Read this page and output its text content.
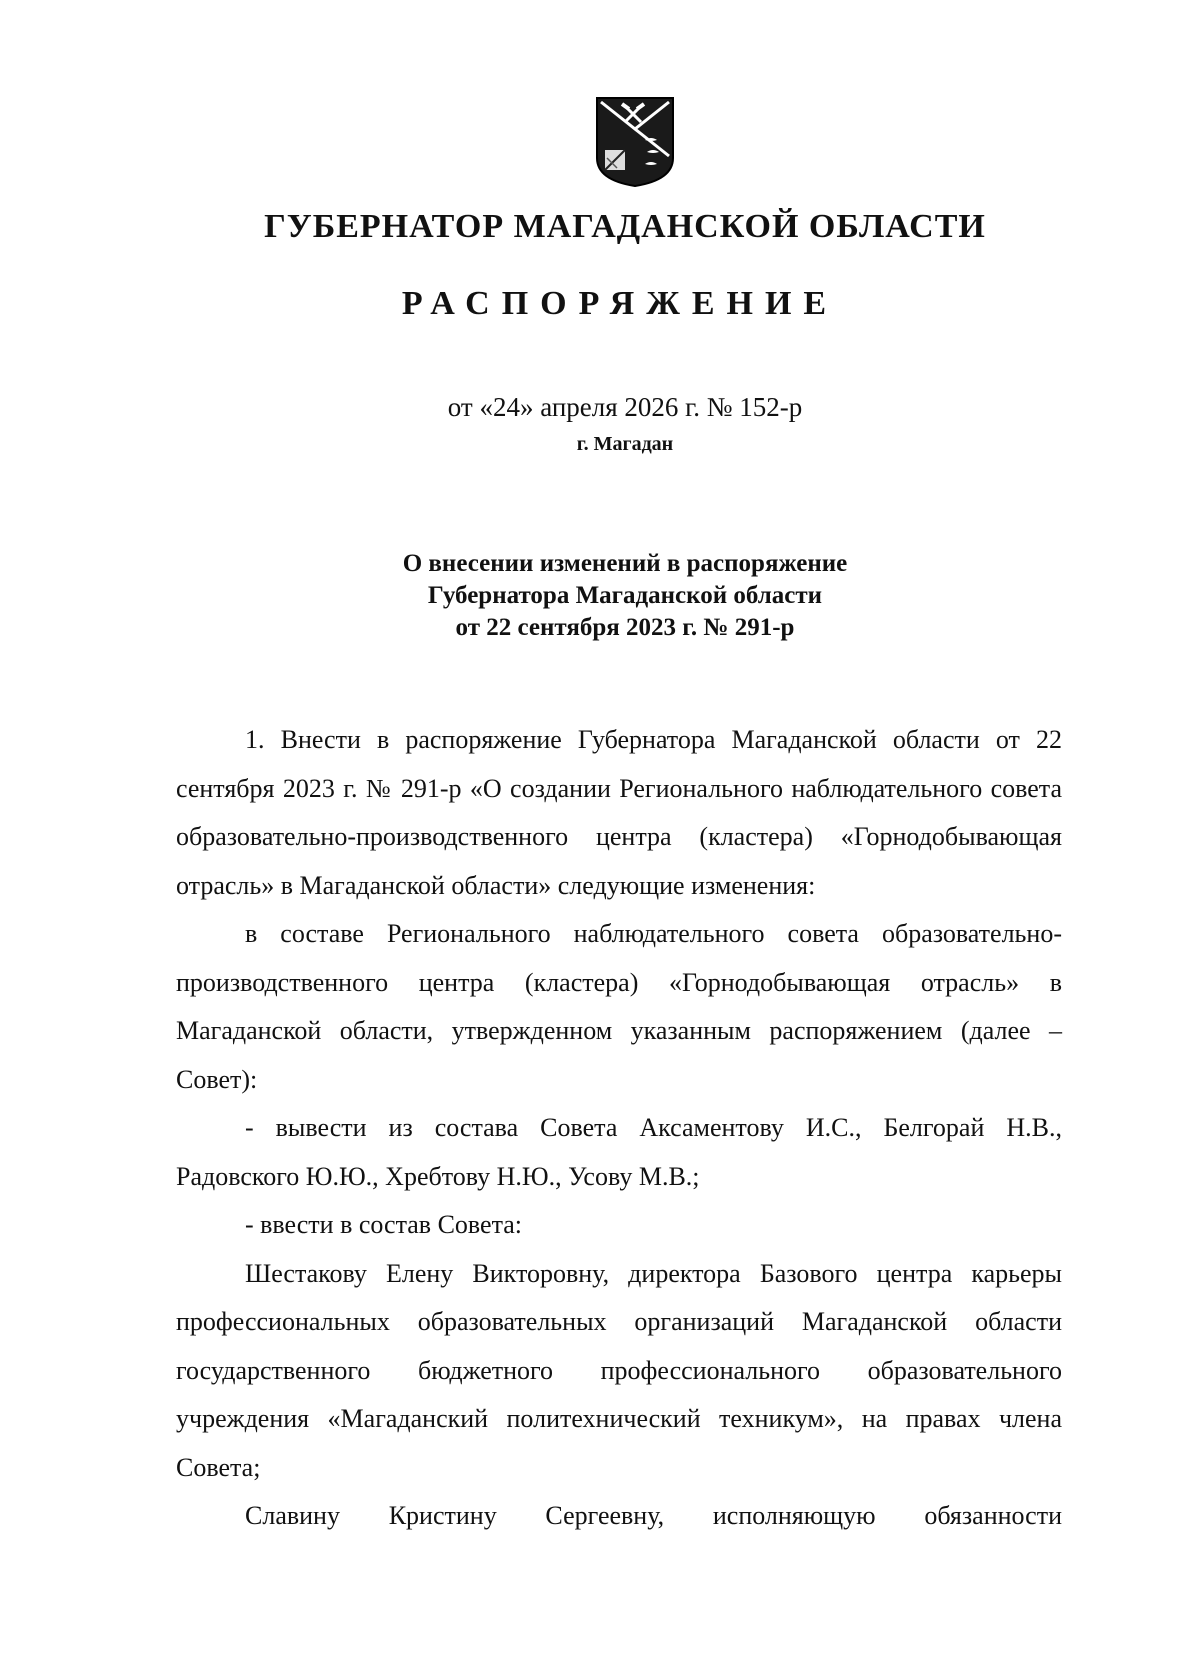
ГУБЕРНАТОР МАГАДАНСКОЙ ОБЛАСТИ
РАСПОРЯЖЕНИЕ
от «24» апреля 2026 г. № 152-р
г. Магадан
О внесении изменений в распоряжение
Губернатора Магаданской области
от 22 сентября 2023 г. № 291-р

1. Внести в распоряжение Губернатора Магаданской области от 22 сентября 2023 г. № 291-р «О создании Регионального наблюдательного совета образовательно-производственного центра (кластера) «Горнодобывающая отрасль» в Магаданской области» следующие изменения:

в составе Регионального наблюдательного совета образовательно-производственного центра (кластера) «Горнодобывающая отрасль» в Магаданской области, утвержденном указанным распоряжением (далее – Совет):

- вывести из состава Совета Аксаментову И.С., Белгорай Н.В., Радовского Ю.Ю., Хребтову Н.Ю., Усову М.В.;

- ввести в состав Совета:

Шестакову Елену Викторовну, директора Базового центра карьеры профессиональных образовательных организаций Магаданской области государственного бюджетного профессионального образовательного учреждения «Магаданский политехнический техникум», на правах члена Совета;

Славину Кристину Сергеевну, исполняющую обязанности
